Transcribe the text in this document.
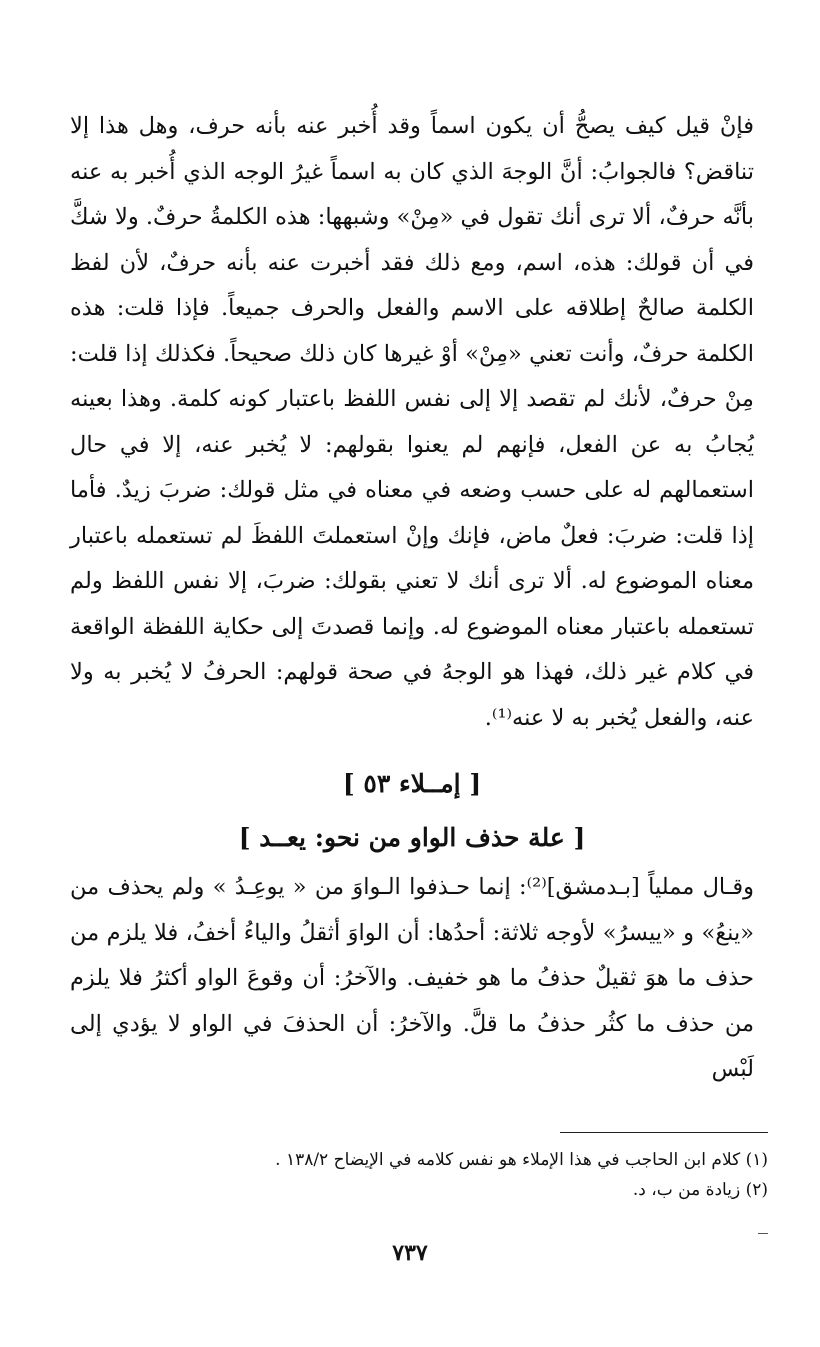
فإنْ قيل كيف يصحُّ أن يكون اسماً وقد أُخبر عنه بأنه حرف، وهل هذا إلا تناقض؟ فالجوابُ: أنَّ الوجهَ الذي كان به اسماً غيرُ الوجه الذي أُخبر به عنه بأنَّه حرفٌ، ألا ترى أنك تقول في «مِنْ» وشبهها: هذه الكلمةُ حرفٌ. ولا شكَّ في أن قولك: هذه، اسم، ومع ذلك فقد أخبرت عنه بأنه حرفٌ، لأن لفظ الكلمة صالحٌ إطلاقه على الاسم والفعل والحرف جميعاً. فإذا قلت: هذه الكلمة حرفٌ، وأنت تعني «مِنْ» أوْ غيرها كان ذلك صحيحاً. فكذلك إذا قلت: مِنْ حرفٌ، لأنك لم تقصد إلا إلى نفس اللفظ باعتبار كونه كلمة. وهذا بعينه يُجابُ به عن الفعل، فإنهم لم يعنوا بقولهم: لا يُخبر عنه، إلا في حال استعمالهم له على حسب وضعه في معناه في مثل قولك: ضربَ زيدٌ. فأما إذا قلت: ضربَ: فعلٌ ماض، فإنك وإنْ استعملتَ اللفظَ لم تستعمله باعتبار معناه الموضوع له. ألا ترى أنك لا تعني بقولك: ضربَ، إلا نفس اللفظ ولم تستعمله باعتبار معناه الموضوع له. وإنما قصدتَ إلى حكاية اللفظة الواقعة في كلام غير ذلك، فهذا هو الوجهُ في صحة قولهم: الحرفُ لا يُخبر به ولا عنه، والفعل يُخبر به لا عنه⁽¹⁾.

[ إمــلاء ٥٣ ]
[ علة حذف الواو من نحو: يعــد ]

وقـال مملياً [بـدمشق]⁽²⁾: إنما حـذفوا الـواوَ من « يوعِـدُ » ولم يحذف من «ينعُ» و «ييسرُ» لأوجه ثلاثة: أحدُها: أن الواوَ أثقلُ والياءُ أخفُ، فلا يلزم من حذف ما هوَ ثقيلٌ حذفُ ما هو خفيف. والآخرُ: أن وقوعَ الواو أكثرُ فلا يلزم من حذف ما كثُر حذفُ ما قلَّ. والآخرُ: أن الحذفَ في الواو لا يؤدي إلى لَبْس

(١) كلام ابن الحاجب في هذا الإملاء هو نفس كلامه في الإيضاح ١٣٨/٢ .

(٢) زيادة من ب، د.

٧٣٧
